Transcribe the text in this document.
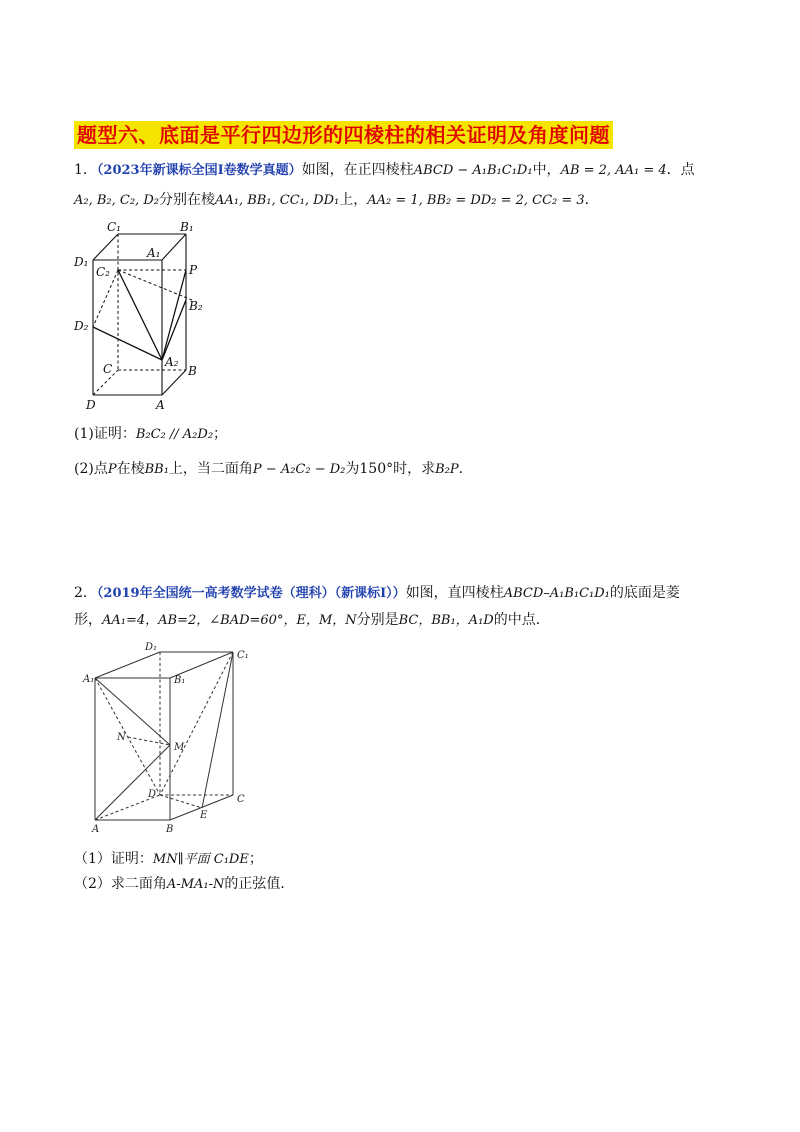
题型六、底面是平行四边形的四棱柱的相关证明及角度问题
1．（2023年新课标全国Ⅰ卷数学真题）如图，在正四棱柱ABCD − A₁B₁C₁D₁中，AB = 2, AA₁ = 4．点
A₂, B₂, C₂, D₂分别在棱AA₁, BB₁, CC₁, DD₁上，AA₂ = 1, BB₂ = DD₂ = 2, CC₂ = 3．
C₁	B₁
A₁
D₁
C₂	P
B₂
D₂
A₂
C	B
D	A
(1)证明：B₂C₂ // A₂D₂；
(2)点P在棱BB₁上，当二面角P − A₂C₂ − D₂为150°时，求B₂P．
2．（2019年全国统一高考数学试卷（理科）（新课标Ⅰ））如图，直四棱柱ABCD–A₁B₁C₁D₁的底面是菱
形，AA₁=4，AB=2，∠BAD=60°，E，M，N分别是BC，BB₁，A₁D的中点．
D₁
C₁
A₁	B₁
N
M
D	C
E
A	B
（1）证明：MN∥平面 C₁DE；
（2）求二面角A-MA₁-N的正弦值．
